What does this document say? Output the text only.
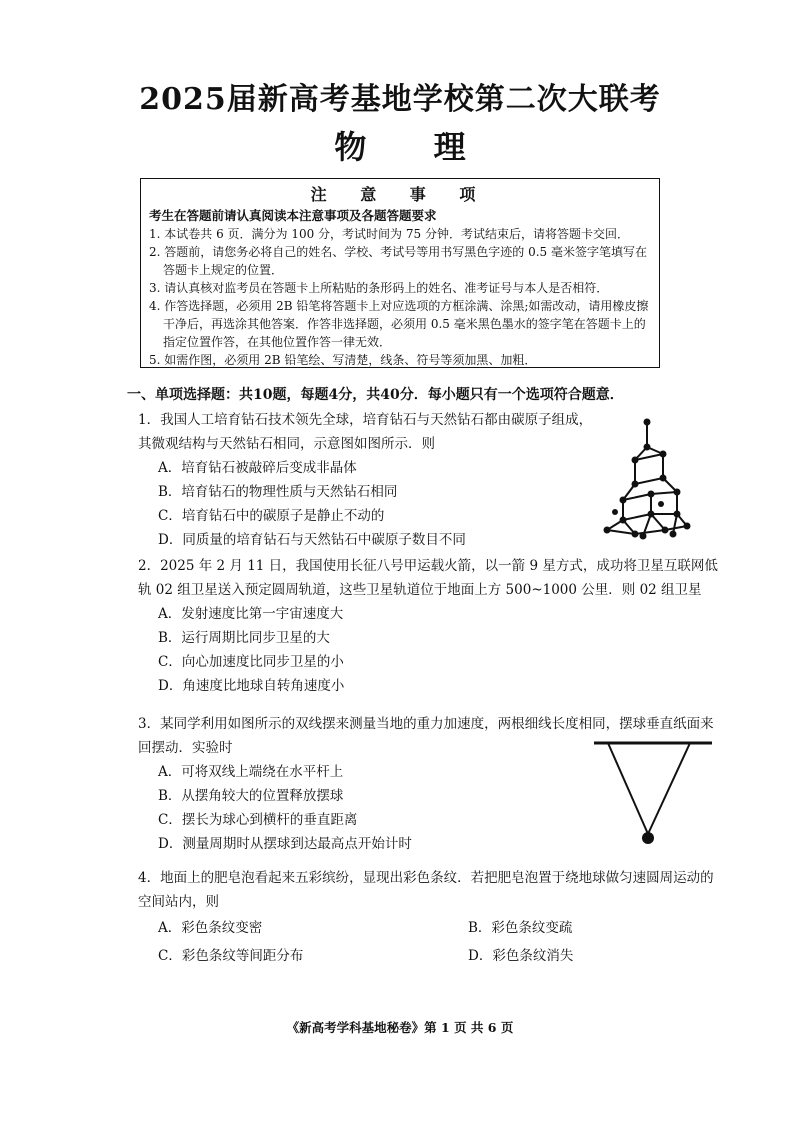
2025届新高考基地学校第二次大联考
物 理
注 意 事 项
考生在答题前请认真阅读本注意事项及各题答题要求
1. 本试卷共 6 页．满分为 100 分，考试时间为 75 分钟．考试结束后，请将答题卡交回．
2. 答题前，请您务必将自己的姓名、学校、考试号等用书写黑色字迹的 0.5 毫米签字笔填写在答题卡上规定的位置．
3. 请认真核对监考员在答题卡上所粘贴的条形码上的姓名、准考证号与本人是否相符．
4. 作答选择题，必须用 2B 铅笔将答题卡上对应选项的方框涂满、涂黑;如需改动，请用橡皮擦干净后，再选涂其他答案．作答非选择题，必须用 0.5 毫米黑色墨水的签字笔在答题卡上的指定位置作答，在其他位置作答一律无效．
5. 如需作图，必须用 2B 铅笔绘、写清楚，线条、符号等须加黑、加粗．
一、单项选择题：共10题，每题4分，共40分．每小题只有一个选项符合题意．
1．我国人工培育钻石技术领先全球，培育钻石与天然钻石都由碳原子组成，其微观结构与天然钻石相同，示意图如图所示．则
A．培育钻石被敲碎后变成非晶体
B．培育钻石的物理性质与天然钻石相同
C．培育钻石中的碳原子是静止不动的
D．同质量的培育钻石与天然钻石中碳原子数目不同
2．2025 年 2 月 11 日，我国使用长征八号甲运载火箭，以一箭 9 星方式，成功将卫星互联网低轨 02 组卫星送入预定圆周轨道，这些卫星轨道位于地面上方 500~1000 公里．则 02 组卫星
A．发射速度比第一宇宙速度大
B．运行周期比同步卫星的大
C．向心加速度比同步卫星的小
D．角速度比地球自转角速度小
3．某同学利用如图所示的双线摆来测量当地的重力加速度，两根细线长度相同，摆球垂直纸面来回摆动．实验时
A．可将双线上端绕在水平杆上
B．从摆角较大的位置释放摆球
C．摆长为球心到横杆的垂直距离
D．测量周期时从摆球到达最高点开始计时
4．地面上的肥皂泡看起来五彩缤纷，显现出彩色条纹．若把肥皂泡置于绕地球做匀速圆周运动的空间站内，则
A．彩色条纹变密	B．彩色条纹变疏
C．彩色条纹等间距分布	D．彩色条纹消失
《新高考学科基地秘卷》第 1 页 共 6 页
